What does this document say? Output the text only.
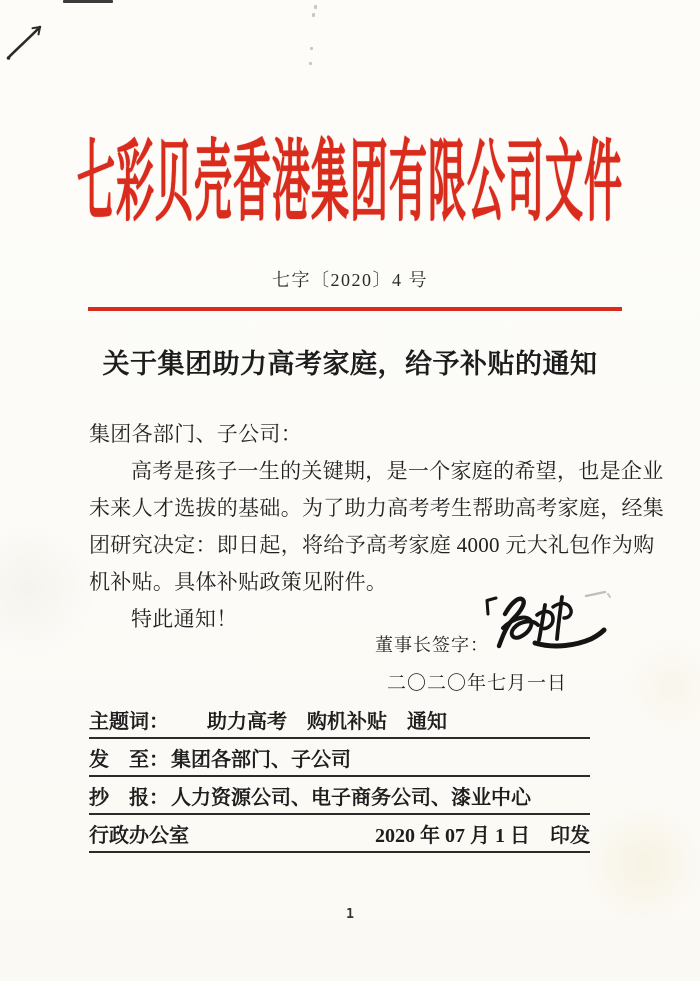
七彩贝壳香港集团有限公司文件
七字〔2020〕4 号
关于集团助力高考家庭，给予补贴的通知
集团各部门、子公司：
高考是孩子一生的关键期，是一个家庭的希望，也是企业
未来人才选拔的基础。为了助力高考考生帮助高考家庭，经集
团研究决定：即日起，将给予高考家庭 4000 元大礼包作为购
机补贴。具体补贴政策见附件。
特此通知！
董事长签字：
二〇二〇年七月一日
主题词： 助力高考　购机补贴　通知
发　至： 集团各部门、子公司
抄　报： 人力资源公司、电子商务公司、漆业中心
行政办公室	2020 年 07 月 1 日　印发
1
